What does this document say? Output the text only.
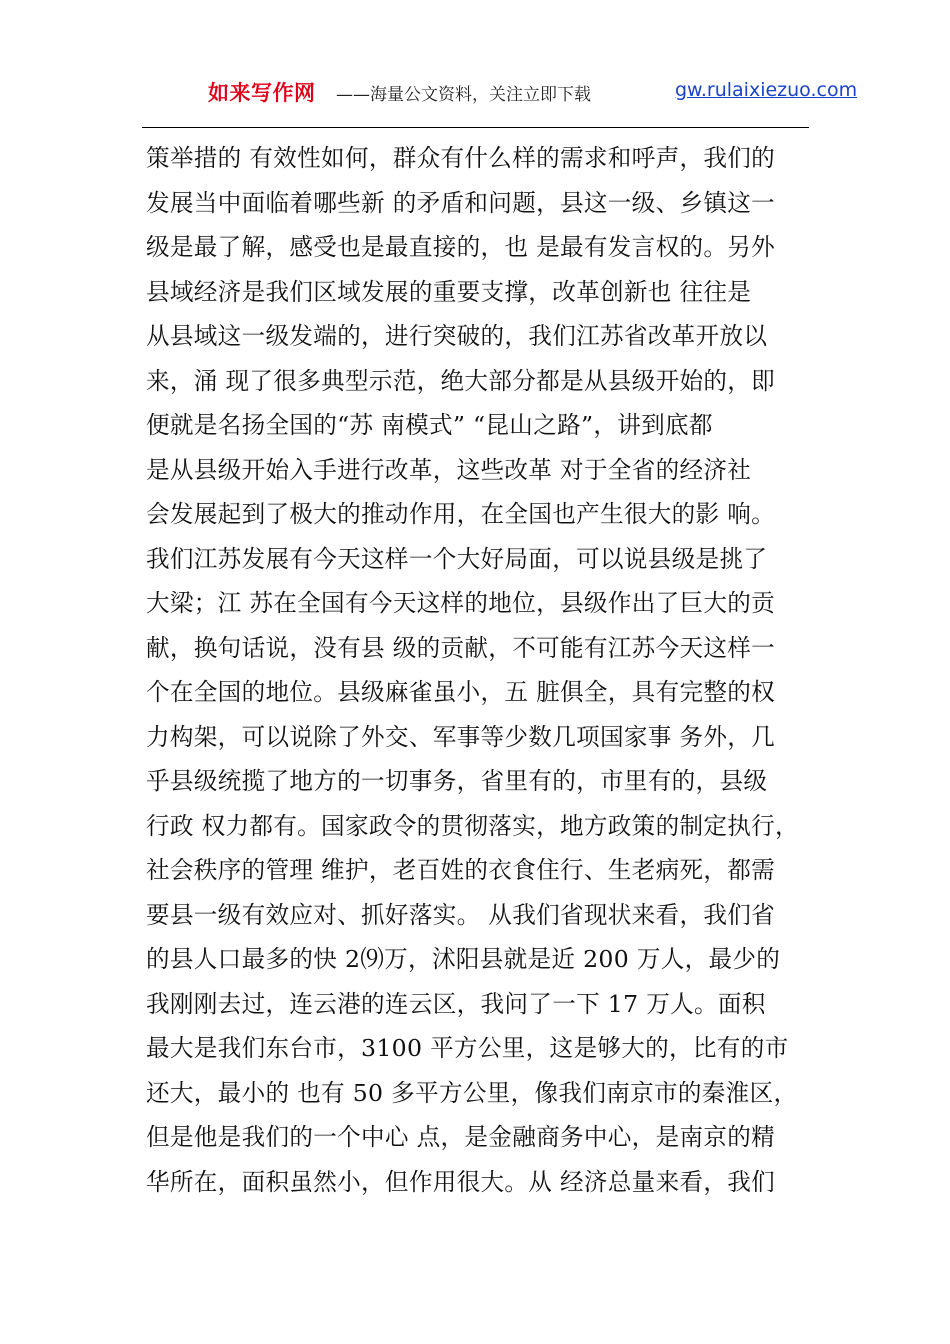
如来写作网 ——海量公文资料，关注立即下载	gw.rulaixiezuo.com
策举措的 有效性如何，群众有什么样的需求和呼声，我们的
发展当中面临着哪些新 的矛盾和问题，县这一级、乡镇这一
级是最了解，感受也是最直接的，也 是最有发言权的。另外
县域经济是我们区域发展的重要支撑，改革创新也 往往是
从县域这一级发端的，进行突破的，我们江苏省改革开放以
来，涌 现了很多典型示范，绝大部分都是从县级开始的，即
便就是名扬全国的“苏 南模式” “昆山之路”，讲到底都
是从县级开始入手进行改革，这些改革 对于全省的经济社
会发展起到了极大的推动作用，在全国也产生很大的影 响。
我们江苏发展有今天这样一个大好局面，可以说县级是挑了
大梁；江 苏在全国有今天这样的地位，县级作出了巨大的贡
献，换句话说，没有县 级的贡献，不可能有江苏今天这样一
个在全国的地位。县级麻雀虽小，五 脏俱全，具有完整的权
力构架，可以说除了外交、军事等少数几项国家事 务外，几
乎县级统揽了地方的一切事务，省里有的，市里有的，县级
行政 权力都有。国家政令的贯彻落实，地方政策的制定执行，
社会秩序的管理 维护，老百姓的衣食住行、生老病死，都需
要县一级有效应对、抓好落实。 从我们省现状来看，我们省
的县人口最多的快 2⑼万，沭阳县就是近 200 万人，最少的
我刚刚去过，连云港的连云区，我问了一下 17 万人。面积
最大是我们东台市，3100 平方公里，这是够大的，比有的市
还大，最小的 也有 50 多平方公里，像我们南京市的秦淮区，
但是他是我们的一个中心 点，是金融商务中心，是南京的精
华所在，面积虽然小，但作用很大。从 经济总量来看，我们
